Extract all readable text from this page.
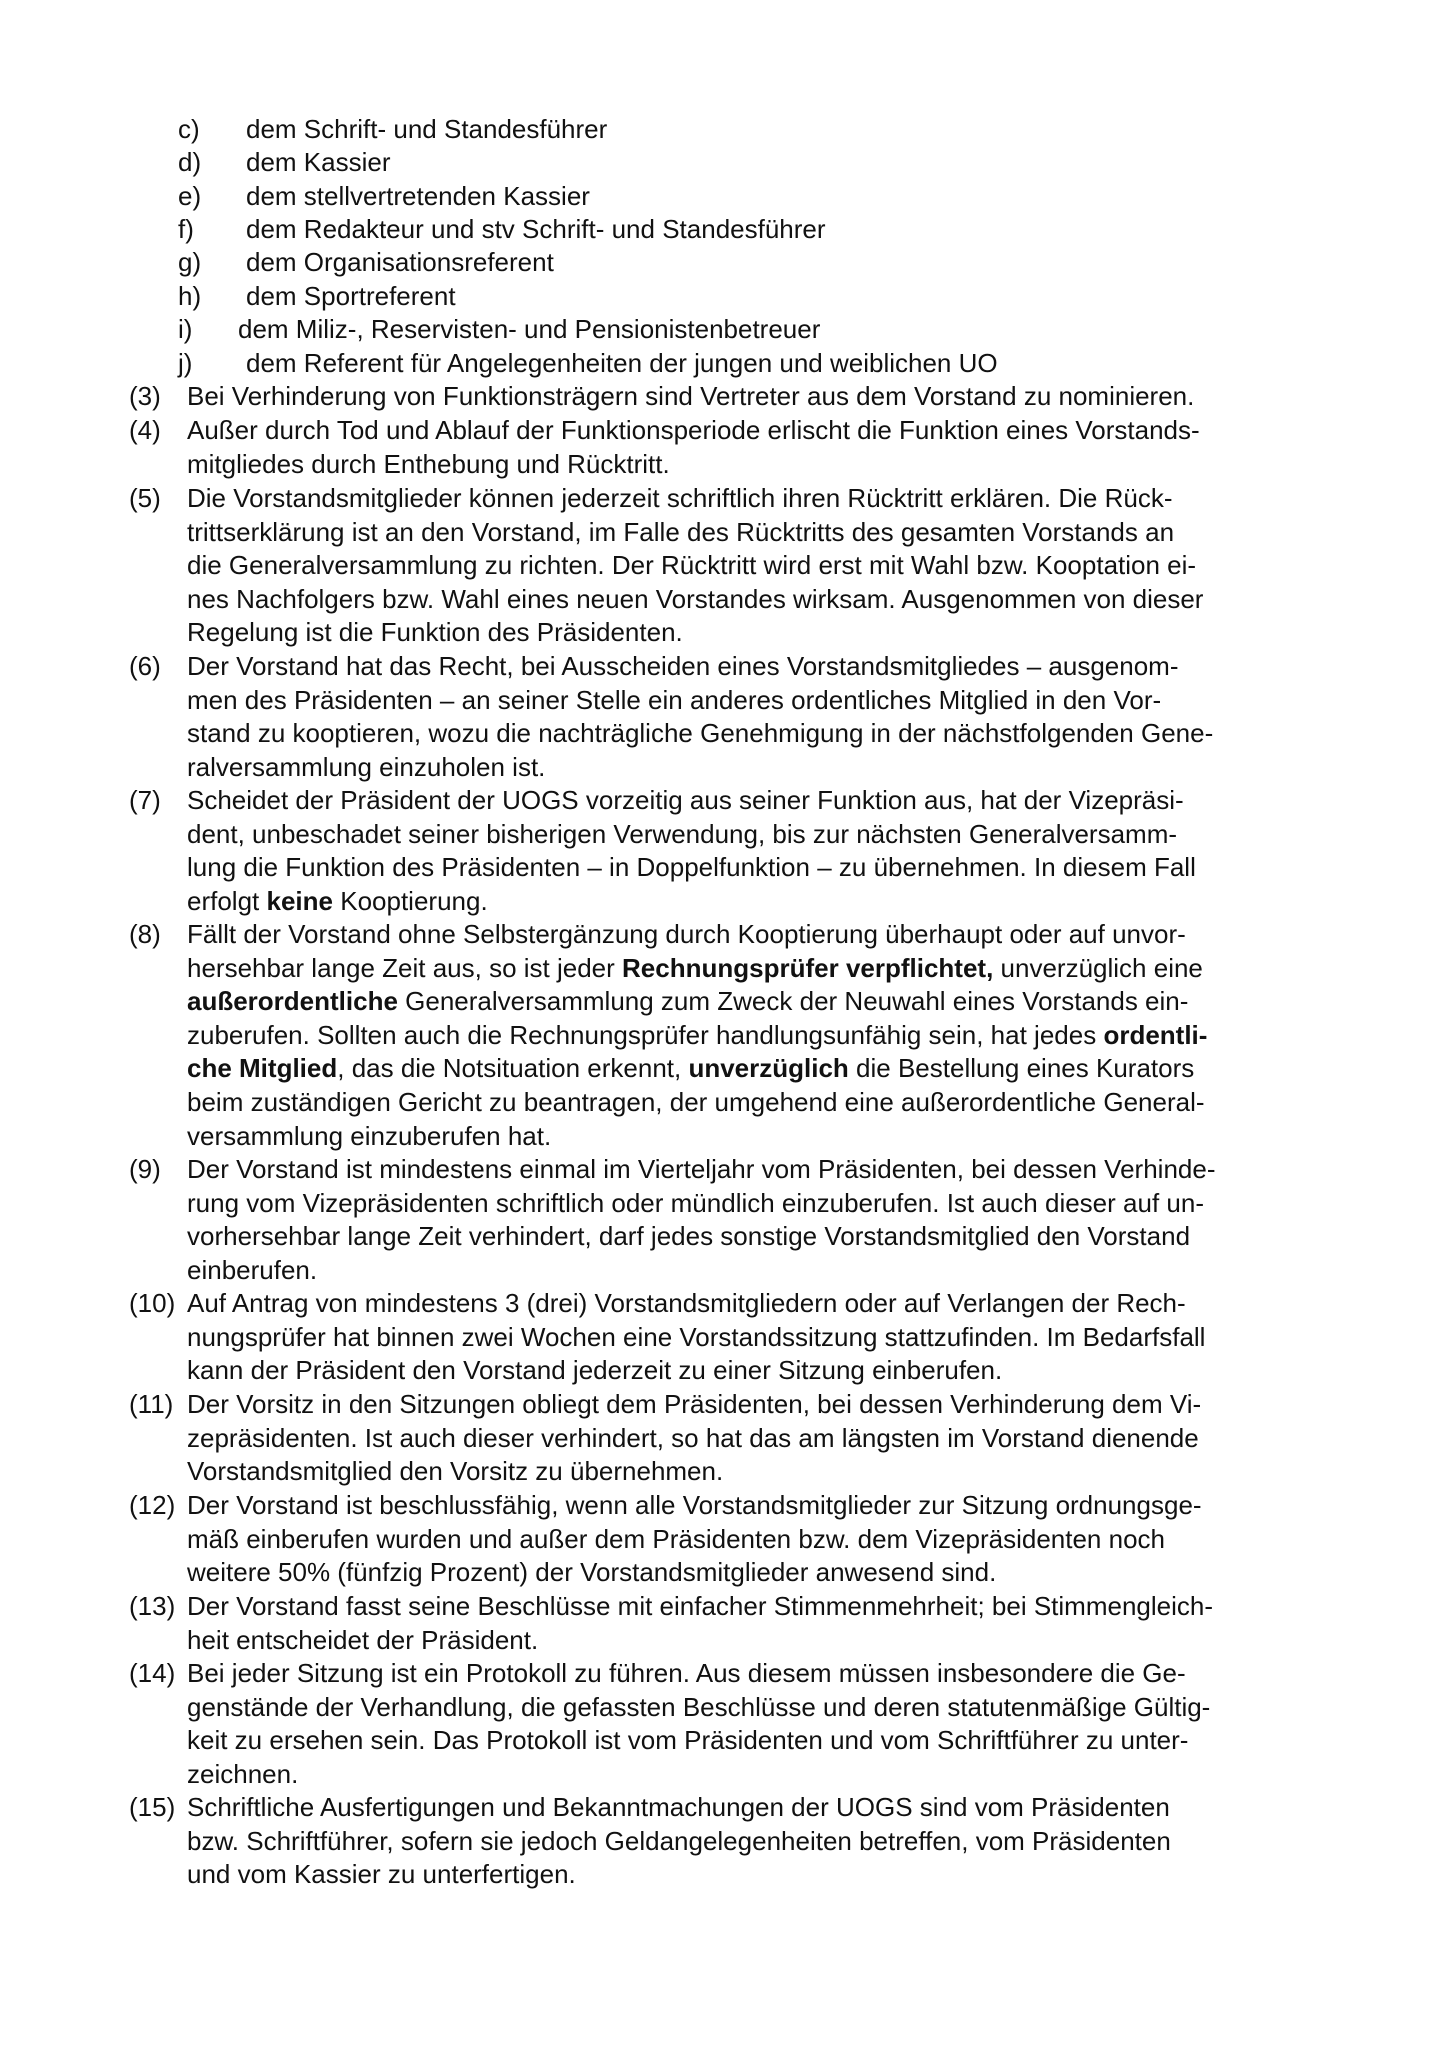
c) dem Schrift- und Standesführer
d) dem Kassier
e) dem stellvertretenden Kassier
f) dem Redakteur und stv Schrift- und Standesführer
g) dem Organisationsreferent
h) dem Sportreferent
i) dem Miliz-, Reservisten- und Pensionistenbetreuer
j) dem Referent für Angelegenheiten der jungen und weiblichen UO
(3)	Bei Verhinderung von Funktionsträgern sind Vertreter aus dem Vorstand zu nominieren.
(4)	Außer durch Tod und Ablauf der Funktionsperiode erlischt die Funktion eines Vorstands-
mitgliedes durch Enthebung und Rücktritt.
(5)	Die Vorstandsmitglieder können jederzeit schriftlich ihren Rücktritt erklären. Die Rück-
trittserklärung ist an den Vorstand, im Falle des Rücktritts des gesamten Vorstands an
die Generalversammlung zu richten. Der Rücktritt wird erst mit Wahl bzw. Kooptation ei-
nes Nachfolgers bzw. Wahl eines neuen Vorstandes wirksam. Ausgenommen von dieser
Regelung ist die Funktion des Präsidenten.
(6)	Der Vorstand hat das Recht, bei Ausscheiden eines Vorstandsmitgliedes – ausgenom-
men des Präsidenten – an seiner Stelle ein anderes ordentliches Mitglied in den Vor-
stand zu kooptieren, wozu die nachträgliche Genehmigung in der nächstfolgenden Gene-
ralversammlung einzuholen ist.
(7)	Scheidet der Präsident der UOGS vorzeitig aus seiner Funktion aus, hat der Vizepräsi-
dent, unbeschadet seiner bisherigen Verwendung, bis zur nächsten Generalversamm-
lung die Funktion des Präsidenten – in Doppelfunktion – zu übernehmen. In diesem Fall
erfolgt keine Kooptierung.
(8)	Fällt der Vorstand ohne Selbstergänzung durch Kooptierung überhaupt oder auf unvor-
hersehbar lange Zeit aus, so ist jeder Rechnungsprüfer verpflichtet, unverzüglich eine
außerordentliche Generalversammlung zum Zweck der Neuwahl eines Vorstands ein-
zuberufen. Sollten auch die Rechnungsprüfer handlungsunfähig sein, hat jedes ordentli-
che Mitglied, das die Notsituation erkennt, unverzüglich die Bestellung eines Kurators
beim zuständigen Gericht zu beantragen, der umgehend eine außerordentliche General-
versammlung einzuberufen hat.
(9)	Der Vorstand ist mindestens einmal im Vierteljahr vom Präsidenten, bei dessen Verhinde-
rung vom Vizepräsidenten schriftlich oder mündlich einzuberufen. Ist auch dieser auf un-
vorhersehbar lange Zeit verhindert, darf jedes sonstige Vorstandsmitglied den Vorstand
einberufen.
(10) Auf Antrag von mindestens 3 (drei) Vorstandsmitgliedern oder auf Verlangen der Rech-
nungsprüfer hat binnen zwei Wochen eine Vorstandssitzung stattzufinden. Im Bedarfsfall
kann der Präsident den Vorstand jederzeit zu einer Sitzung einberufen.
(11) Der Vorsitz in den Sitzungen obliegt dem Präsidenten, bei dessen Verhinderung dem Vi-
zepräsidenten. Ist auch dieser verhindert, so hat das am längsten im Vorstand dienende
Vorstandsmitglied den Vorsitz zu übernehmen.
(12) Der Vorstand ist beschlussfähig, wenn alle Vorstandsmitglieder zur Sitzung ordnungsge-
mäß einberufen wurden und außer dem Präsidenten bzw. dem Vizepräsidenten noch
weitere 50% (fünfzig Prozent) der Vorstandsmitglieder anwesend sind.
(13) Der Vorstand fasst seine Beschlüsse mit einfacher Stimmenmehrheit; bei Stimmengleich-
heit entscheidet der Präsident.
(14) Bei jeder Sitzung ist ein Protokoll zu führen. Aus diesem müssen insbesondere die Ge-
genstände der Verhandlung, die gefassten Beschlüsse und deren statutenmäßige Gültig-
keit zu ersehen sein. Das Protokoll ist vom Präsidenten und vom Schriftführer zu unter-
zeichnen.
(15) Schriftliche Ausfertigungen und Bekanntmachungen der UOGS sind vom Präsidenten
bzw. Schriftführer, sofern sie jedoch Geldangelegenheiten betreffen, vom Präsidenten
und vom Kassier zu unterfertigen.
